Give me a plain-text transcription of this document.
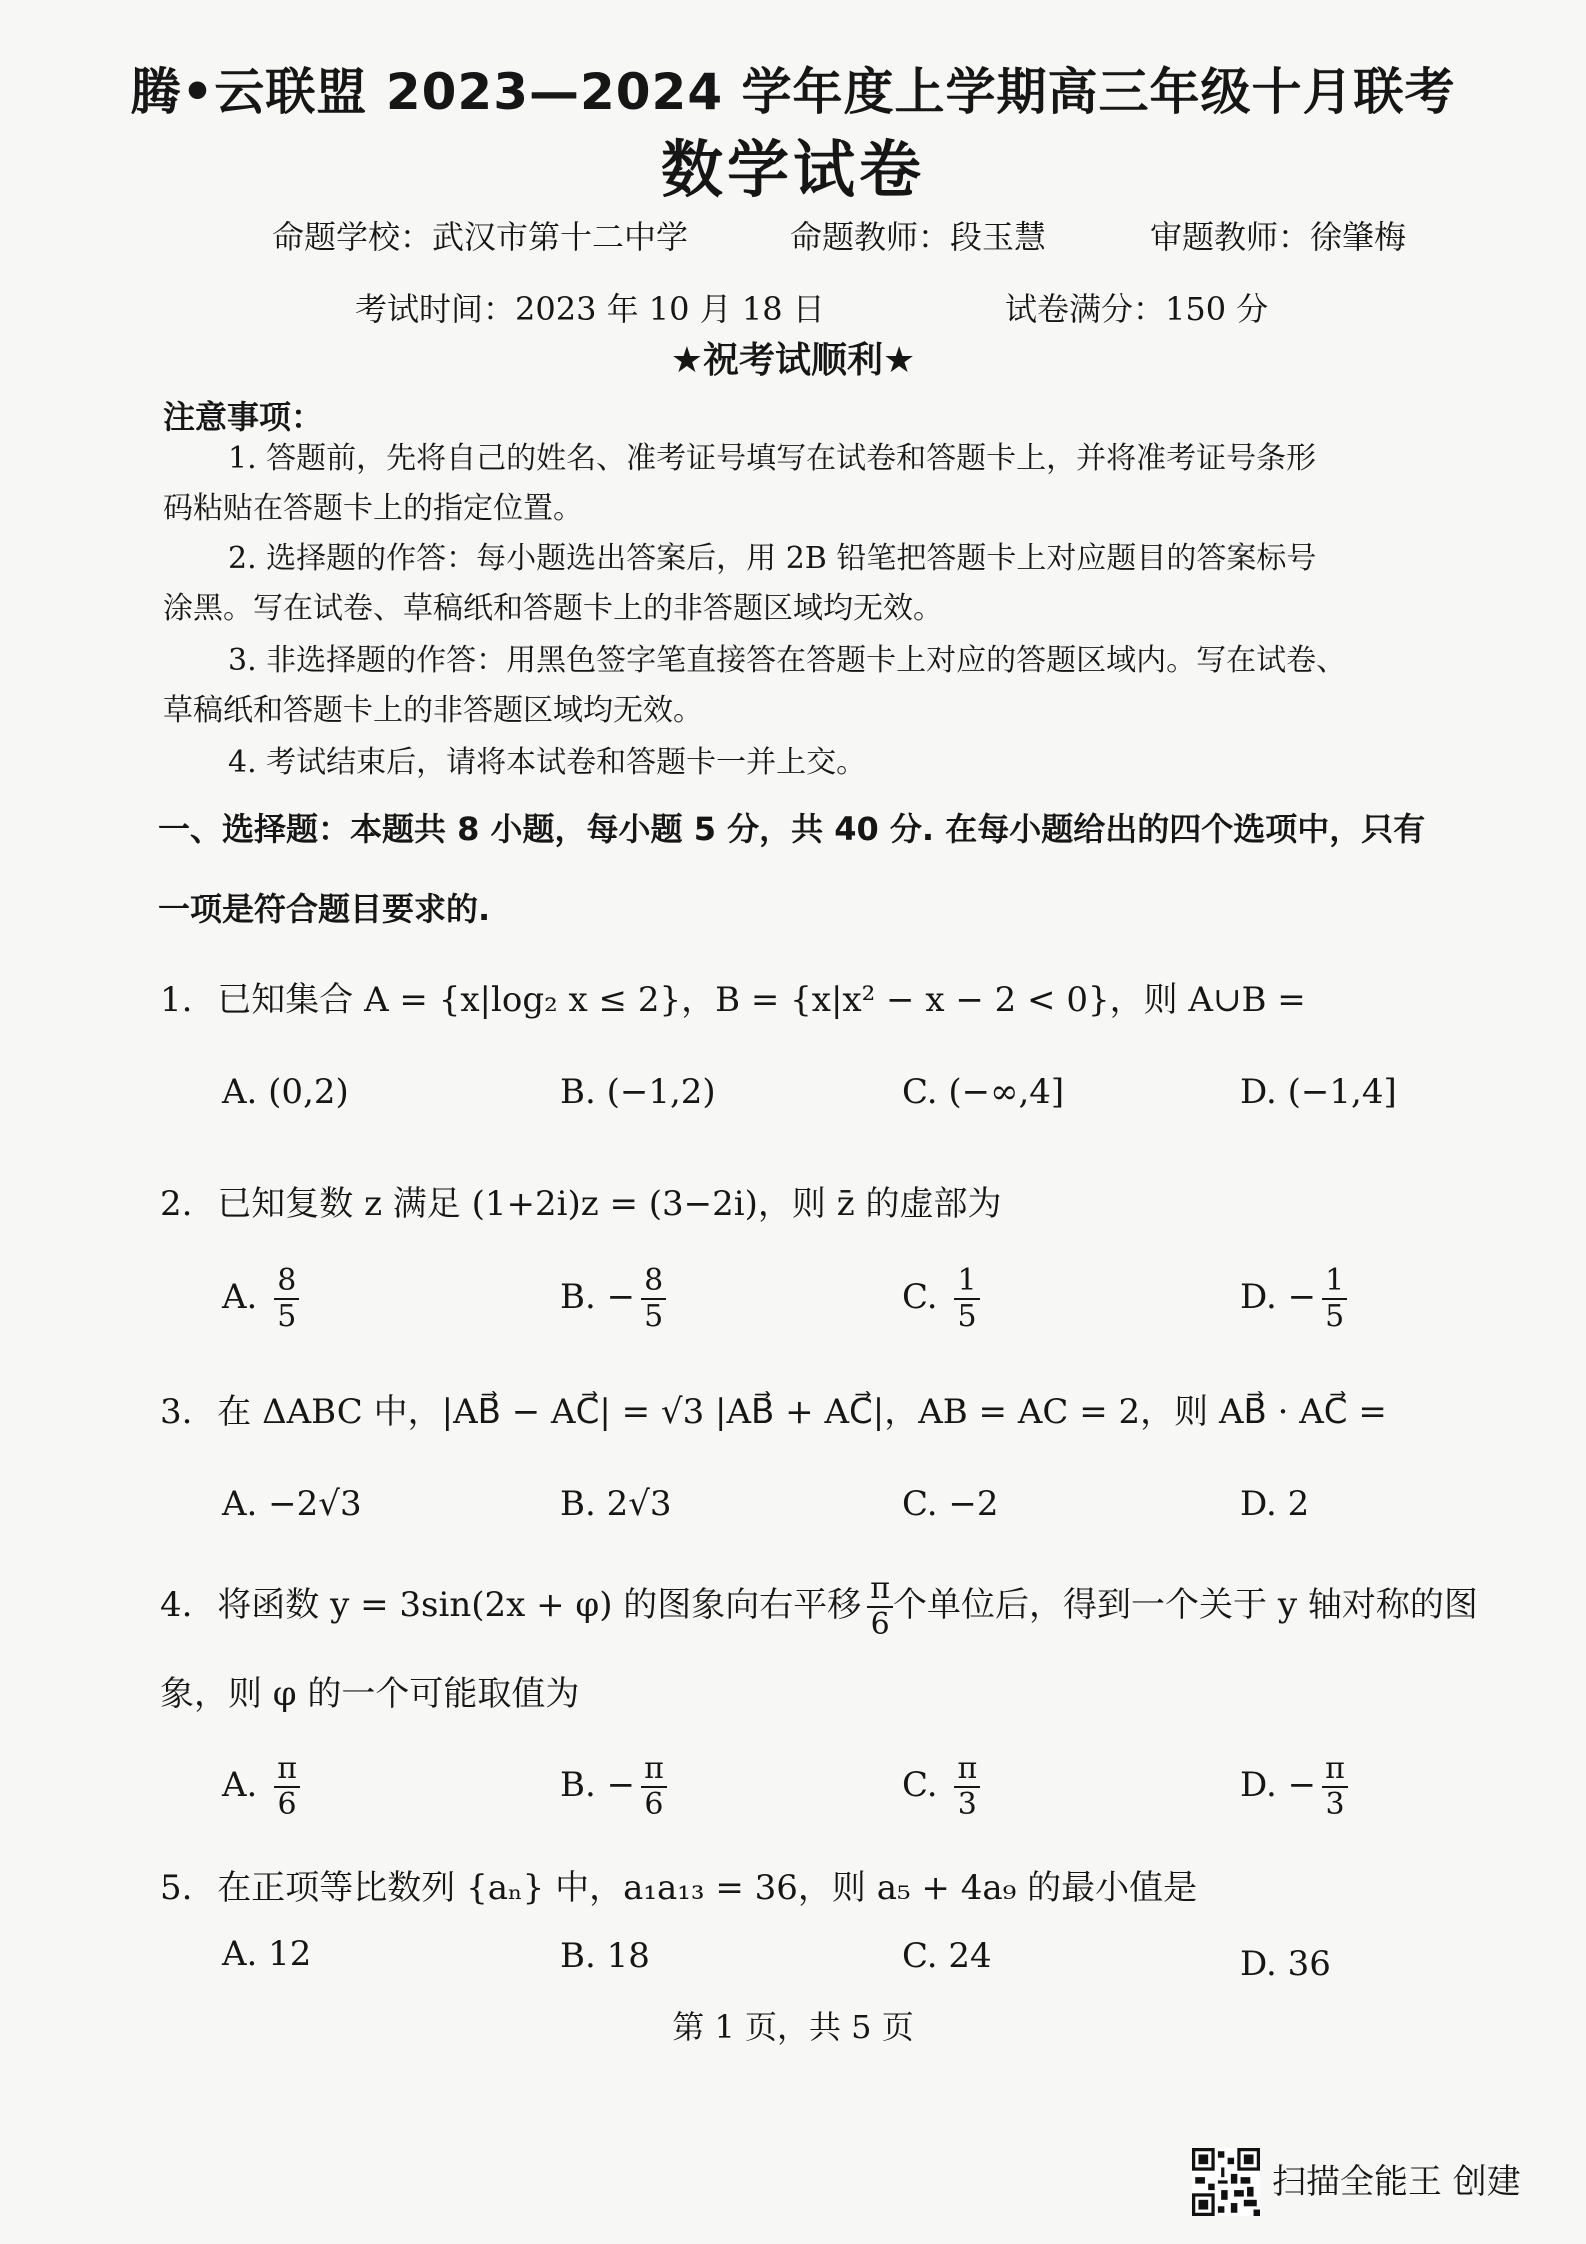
腾•云联盟 2023—2024 学年度上学期高三年级十月联考
数学试卷
命题学校：武汉市第十二中学	命题教师：段玉慧	审题教师：徐肇梅
考试时间：2023 年 10 月 18 日	试卷满分：150 分
★祝考试顺利★
注意事项：
1. 答题前，先将自己的姓名、准考证号填写在试卷和答题卡上，并将准考证号条形
码粘贴在答题卡上的指定位置。
2. 选择题的作答：每小题选出答案后，用 2B 铅笔把答题卡上对应题目的答案标号
涂黑。写在试卷、草稿纸和答题卡上的非答题区域均无效。
3. 非选择题的作答：用黑色签字笔直接答在答题卡上对应的答题区域内。写在试卷、
草稿纸和答题卡上的非答题区域均无效。
4. 考试结束后，请将本试卷和答题卡一并上交。
一、选择题：本题共 8 小题，每小题 5 分，共 40 分. 在每小题给出的四个选项中，只有
一项是符合题目要求的.
1. 已知集合 A = {x|log₂ x ≤ 2}，B = {x|x² − x − 2 < 0}，则 A∪B =
A. (0,2)	B. (−1,2)	C. (−∞,4]	D. (−1,4]
2. 已知复数 z 满足 (1+2i)z = (3−2i)，则 z̄ 的虚部为
A. $\frac{8}{5}$	B. − $\frac{8}{5}$	C. $\frac{1}{5}$	D. − $\frac{1}{5}$
3. 在 ΔABC 中，|AB⃗ − AC⃗| = √3 |AB⃗ + AC⃗|，AB = AC = 2，则 AB⃗ · AC⃗ =
A. −2√3	B. 2√3	C. −2	D. 2
4. 将函数 y = 3sin(2x + φ) 的图象向右平移 $\frac{\pi}{6}$ 个单位后，得到一个关于 y 轴对称的图
象，则 φ 的一个可能取值为
A. $\frac{\pi}{6}$	B. − $\frac{\pi}{6}$	C. $\frac{\pi}{3}$	D. − $\frac{\pi}{3}$
5. 在正项等比数列 {aₙ} 中，a₁a₁₃ = 36，则 a₅ + 4a₉ 的最小值是
A. 12	B. 18	C. 24	D. 36
第 1 页，共 5 页
扫描全能王 创建
